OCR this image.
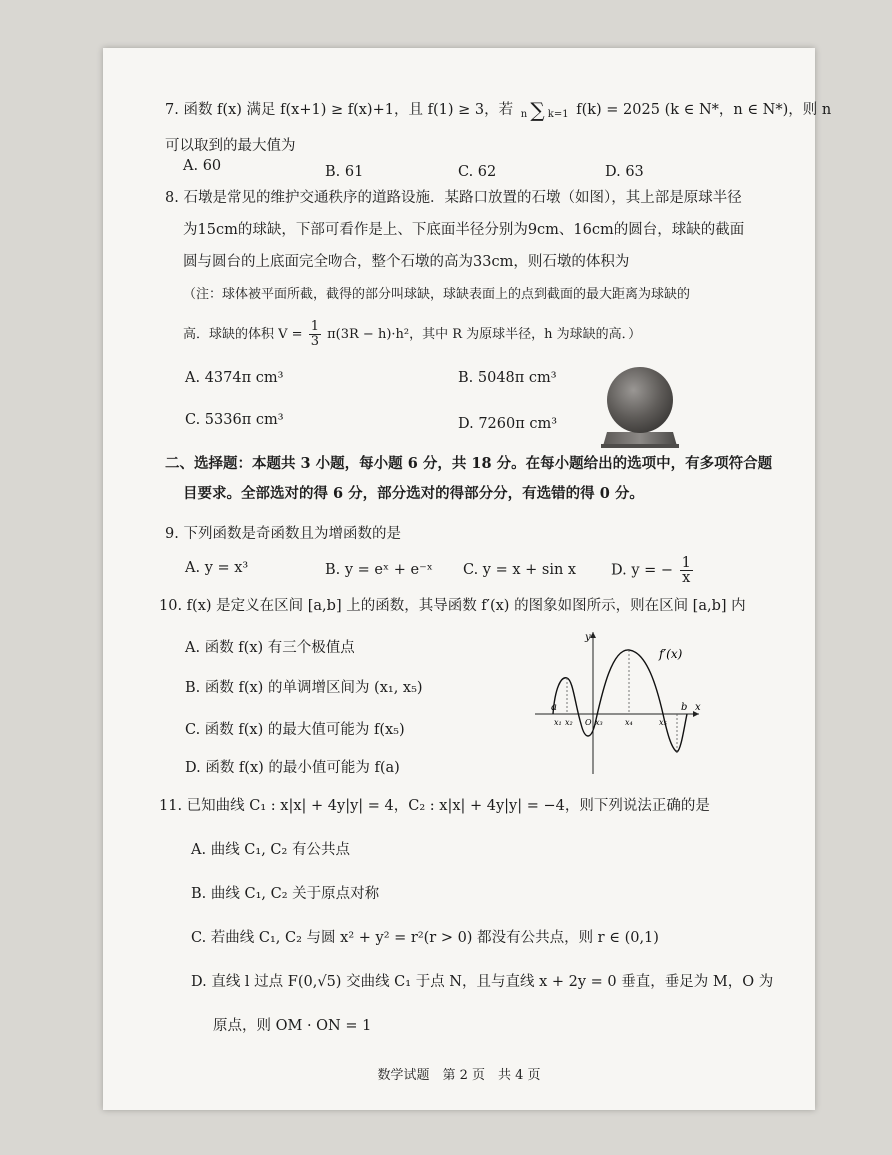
7. 函数 f(x) 满足 f(x+1) ≥ f(x)+1，且 f(1) ≥ 3，若 n ∑ k=1 f(k) = 2025 (k ∈ N*，n ∈ N*)，则 n
可以取到的最大值为
A. 60	B. 61	C. 62	D. 63
8. 石墩是常见的维护交通秩序的道路设施．某路口放置的石墩（如图），其上部是原球半径
为15cm的球缺，下部可看作是上、下底面半径分别为9cm、16cm的圆台，球缺的截面
圆与圆台的上底面完全吻合，整个石墩的高为33cm，则石墩的体积为
（注：球体被平面所截，截得的部分叫球缺，球缺表面上的点到截面的最大距离为球缺的
高．球缺的体积 $V = \frac{1}{3} \pi(3R - h)\cdot h^2$，其中 R 为原球半径，h 为球缺的高．）
A. 4374π cm³	B. 5048π cm³
C. 5336π cm³	D. 7260π cm³
二、选择题：本题共 3 小题，每小题 6 分，共 18 分。在每小题给出的选项中，有多项符合题
目要求。全部选对的得 6 分，部分选对的得部分分，有选错的得 0 分。
9. 下列函数是奇函数且为增函数的是
A. y = x³	B. y = eˣ + e⁻ˣ C. y = x + sin x D. y = − $\frac{1}{x}$
10. f(x) 是定义在区间 [a,b] 上的函数，其导函数 f′(x) 的图象如图所示，则在区间 [a,b] 内
A. 函数 f(x) 有三个极值点
B. 函数 f(x) 的单调增区间为 (x₁, x₅)
C. 函数 f(x) 的最大值可能为 f(x₅)
D. 函数 f(x) 的最小值可能为 f(a)
a
x₁ x₂	x₃	x₄	x₅
b x
y
O
f′(x)
11. 已知曲线 C₁ : x|x| + 4y|y| = 4，C₂ : x|x| + 4y|y| = −4，则下列说法正确的是
A. 曲线 C₁, C₂ 有公共点
B. 曲线 C₁, C₂ 关于原点对称
C. 若曲线 C₁, C₂ 与圆 x² + y² = r²(r > 0) 都没有公共点，则 r ∈ (0,1)
D. 直线 l 过点 F(0,√5) 交曲线 C₁ 于点 N，且与直线 x + 2y = 0 垂直，垂足为 M，O 为
原点，则 OM · ON = 1
数学试题　第 2 页　共 4 页
